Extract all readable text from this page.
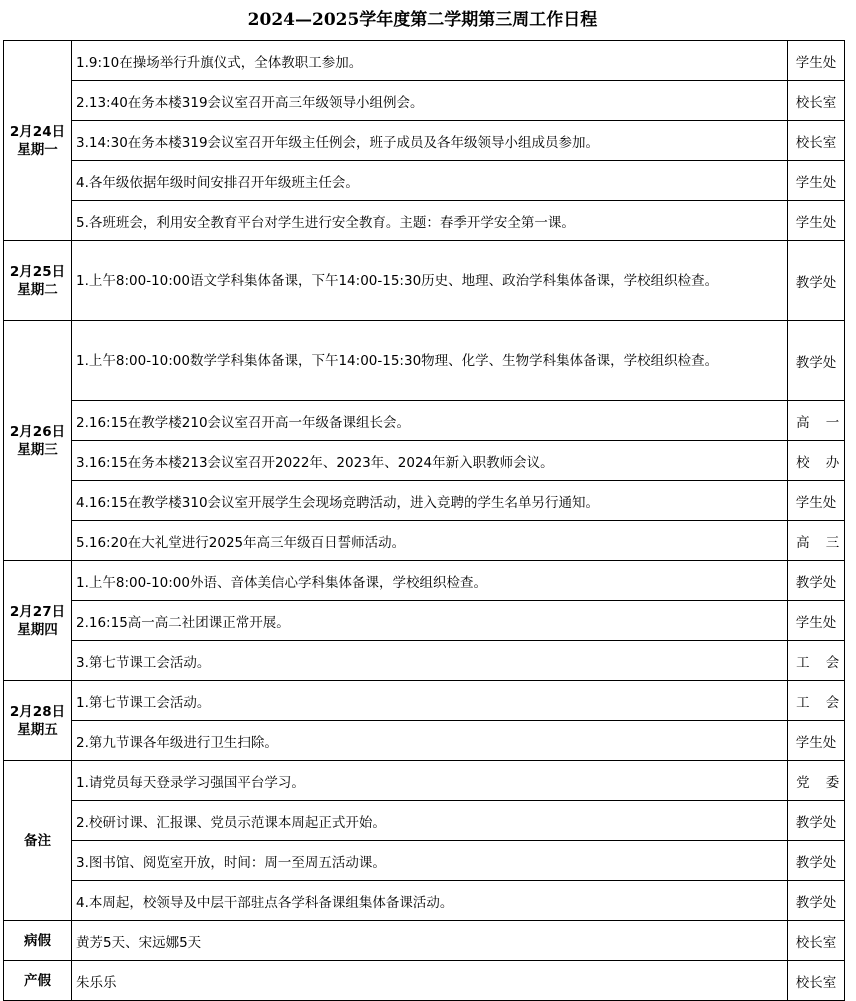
2024—2025学年度第二学期第三周工作日程
2月24日
星期一	1.9:10在操场举行升旗仪式，全体教职工参加。	学生处
	2.13:40在务本楼319会议室召开高三年级领导小组例会。	校长室
	3.14:30在务本楼319会议室召开年级主任例会，班子成员及各年级领导小组成员参加。	校长室
	4.各年级依据年级时间安排召开年级班主任会。	学生处
	5.各班班会，利用安全教育平台对学生进行安全教育。主题：春季开学安全第一课。	学生处

2月25日
星期二	1.上午8:00-10:00语文学科集体备课，下午14:00-15:30历史、地理、政治学科集体备课，学校组织检查。	教学处

2月26日
星期三	1.上午8:00-10:00数学学科集体备课，下午14:00-15:30物理、化学、生物学科集体备课，学校组织检查。	教学处
	2.16:15在教学楼210会议室召开高一年级备课组长会。	高一
	3.16:15在务本楼213会议室召开2022年、2023年、2024年新入职教师会议。	校办
	4.16:15在教学楼310会议室开展学生会现场竞聘活动，进入竞聘的学生名单另行通知。	学生处
	5.16:20在大礼堂进行2025年高三年级百日誓师活动。	高三

2月27日
星期四	1.上午8:00-10:00外语、音体美信心学科集体备课，学校组织检查。	教学处
	2.16:15高一高二社团课正常开展。	学生处
	3.第七节课工会活动。	工会

2月28日
星期五	1.第七节课工会活动。	工会
	2.第九节课各年级进行卫生扫除。	学生处
备注	1.请党员每天登录学习强国平台学习。	党委
	2.校研讨课、汇报课、党员示范课本周起正式开始。	教学处
	3.图书馆、阅览室开放，时间：周一至周五活动课。	教学处
	4.本周起，校领导及中层干部驻点各学科备课组集体备课活动。	教学处
病假	黄芳5天、宋远娜5天	校长室
产假	朱乐乐	校长室
